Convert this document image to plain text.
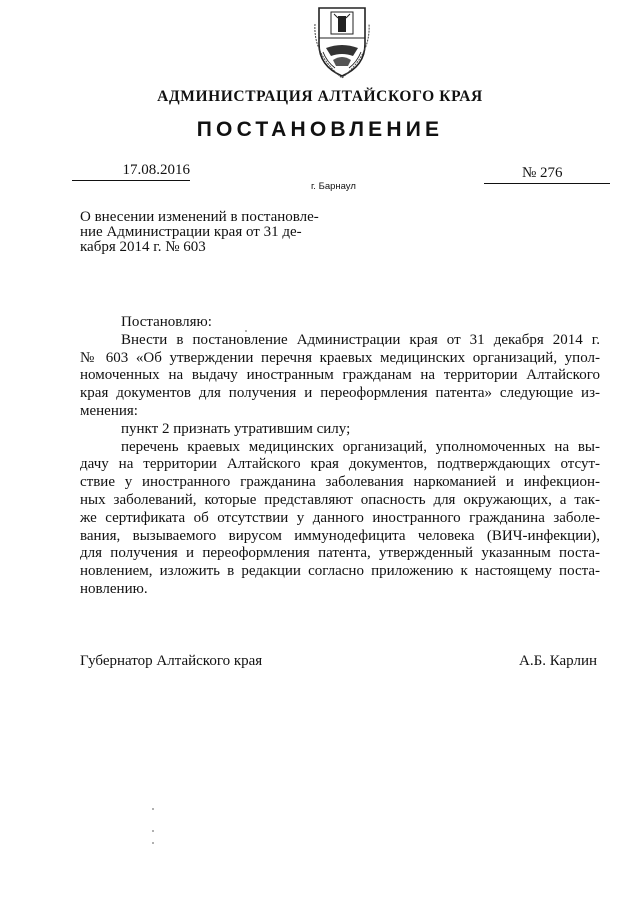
АДМИНИСТРАЦИЯ АЛТАЙСКОГО КРАЯ
ПОСТАНОВЛЕНИЕ
17.08.2016	№ 276
г. Барнаул
О внесении изменений в постановле-
ние Администрации края от 31 де-
кабря 2014 г. № 603
Постановляю:
Внести в постановление Администрации края от 31 декабря 2014 г.
№ 603 «Об утверждении перечня краевых медицинских организаций, упол-
номоченных на выдачу иностранным гражданам на территории Алтайского
края документов для получения и переоформления патента» следующие из-
менения:
пункт 2 признать утратившим силу;
перечень краевых медицинских организаций, уполномоченных на вы-
дачу на территории Алтайского края документов, подтверждающих отсут-
ствие у иностранного гражданина заболевания наркоманией и инфекцион-
ных заболеваний, которые представляют опасность для окружающих, а так-
же сертификата об отсутствии у данного иностранного гражданина заболе-
вания, вызываемого вирусом иммунодефицита человека (ВИЧ-инфекции),
для получения и переоформления патента, утвержденный указанным поста-
новлением, изложить в редакции согласно приложению к настоящему поста-
новлению.
Губернатор Алтайского края	А.Б. Карлин
